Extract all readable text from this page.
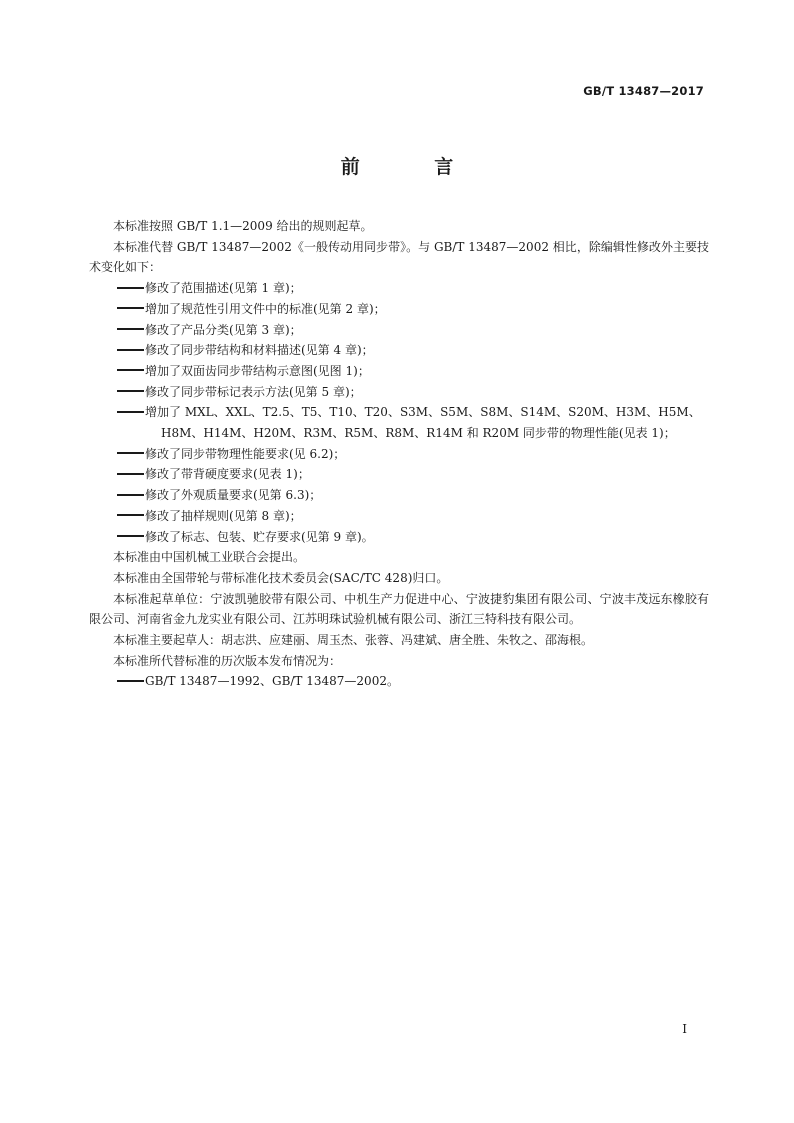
GB/T 13487—2017
前 言

本标准按照 GB/T 1.1—2009 给出的规则起草。

本标准代替 GB/T 13487—2002《一般传动用同步带》。与 GB/T 13487—2002 相比，除编辑性修改外主要技术变化如下：

修改了范围描述(见第 1 章)；

增加了规范性引用文件中的标准(见第 2 章)；

修改了产品分类(见第 3 章)；

修改了同步带结构和材料描述(见第 4 章)；

增加了双面齿同步带结构示意图(见图 1)；

修改了同步带标记表示方法(见第 5 章)；

增加了 MXL、XXL、T2.5、T5、T10、T20、S3M、S5M、S8M、S14M、S20M、H3M、H5M、H8M、H14M、H20M、R3M、R5M、R8M、R14M 和 R20M 同步带的物理性能(见表 1)；

修改了同步带物理性能要求(见 6.2)；

修改了带背硬度要求(见表 1)；

修改了外观质量要求(见第 6.3)；

修改了抽样规则(见第 8 章)；

修改了标志、包装、贮存要求(见第 9 章)。

本标准由中国机械工业联合会提出。

本标准由全国带轮与带标准化技术委员会(SAC/TC 428)归口。

本标准起草单位：宁波凯驰胶带有限公司、中机生产力促进中心、宁波捷豹集团有限公司、宁波丰茂远东橡胶有限公司、河南省金九龙实业有限公司、江苏明珠试验机械有限公司、浙江三特科技有限公司。

本标准主要起草人：胡志洪、应建丽、周玉杰、张蓉、冯建斌、唐全胜、朱牧之、邵海根。

本标准所代替标准的历次版本发布情况为：

GB/T 13487—1992、GB/T 13487—2002。

I
